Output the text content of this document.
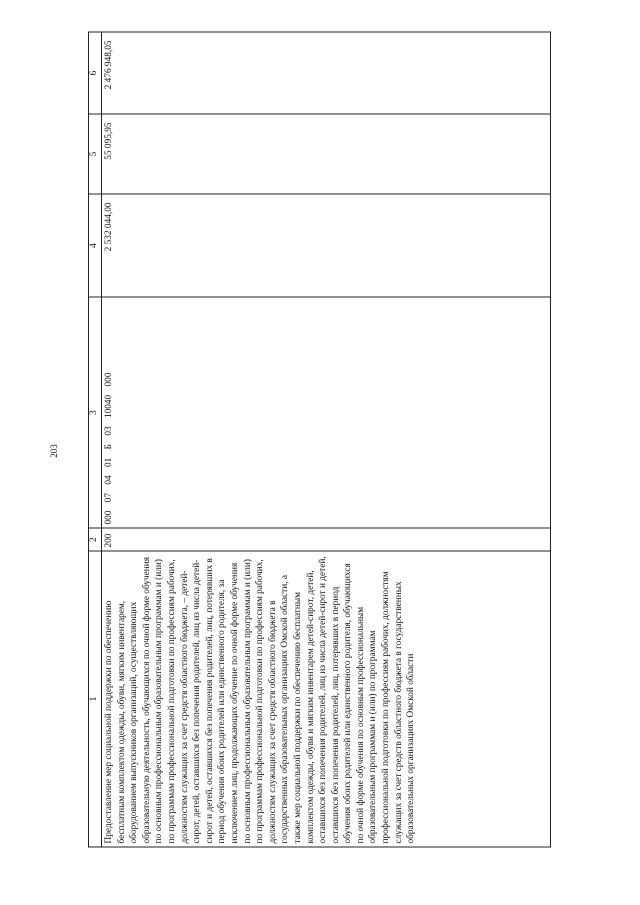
203
1	2	3	4	5	6
Предоставление мер социальной поддержки по обеспечению бесплатным комплектом одежды, обуви, мягким инвентарем, оборудованием выпускников организаций, осуществляющих образовательную деятельность, обучающихся по очной форме обучения по основным профессиональным образовательным программам и (или) по программам профессиональной подготовки по профессиям рабочих, должностям служащих за счет средств областного бюджета, – детей-сирот, детей, оставшихся без попечения родителей, лиц из числа детей-сирот и детей, оставшихся без попечения родителей, лиц, потерявших в период обучения обоих родителей или единственного родителя, за исключением лиц, продолжающих обучение по очной форме обучения по основным профессиональным образовательным программам и (или) по программам профессиональной подготовки по профессиям рабочих, должностям служащих за счет средств областного бюджета в государственных образовательных организациях Омской области, а также мер социальной поддержки по обеспечению бесплатным комплектом одежды, обуви и мягким инвентарем детей-сирот, детей, оставшихся без попечения родителей, лиц из числа детей-сирот и детей, оставшихся без попечения родителей, лиц, потерявших в период обучения обоих родителей или единственного родителя, обучающихся по очной форме обучения по основным профессиональным образовательным программам и (или) по программам профессиональной подготовки по профессиям рабочих, должностям служащих за счет средств областного бюджета в государственных образовательных организациях Омской области	200	000 07 04 01 Б 03 10040 000	2 532 044,00	55 095,95	2 476 948,05
